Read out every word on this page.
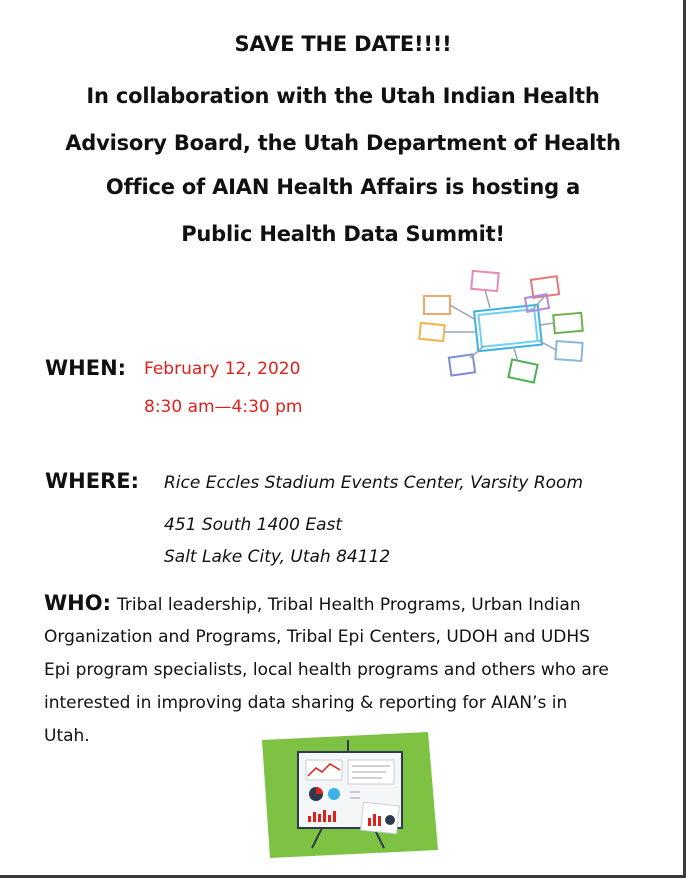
SAVE THE DATE!!!!
In collaboration with the Utah Indian Health
Advisory Board, the Utah Department of Health
Office of AIAN Health Affairs is hosting a
Public Health Data Summit!
WHEN: February 12, 2020
8:30 am—4:30 pm
WHERE: Rice Eccles Stadium Events Center, Varsity Room
451 South 1400 East
Salt Lake City, Utah 84112
WHO: Tribal leadership, Tribal Health Programs, Urban Indian
Organization and Programs, Tribal Epi Centers, UDOH and UDHS
Epi program specialists, local health programs and others who are
interested in improving data sharing & reporting for AIAN’s in
Utah.
